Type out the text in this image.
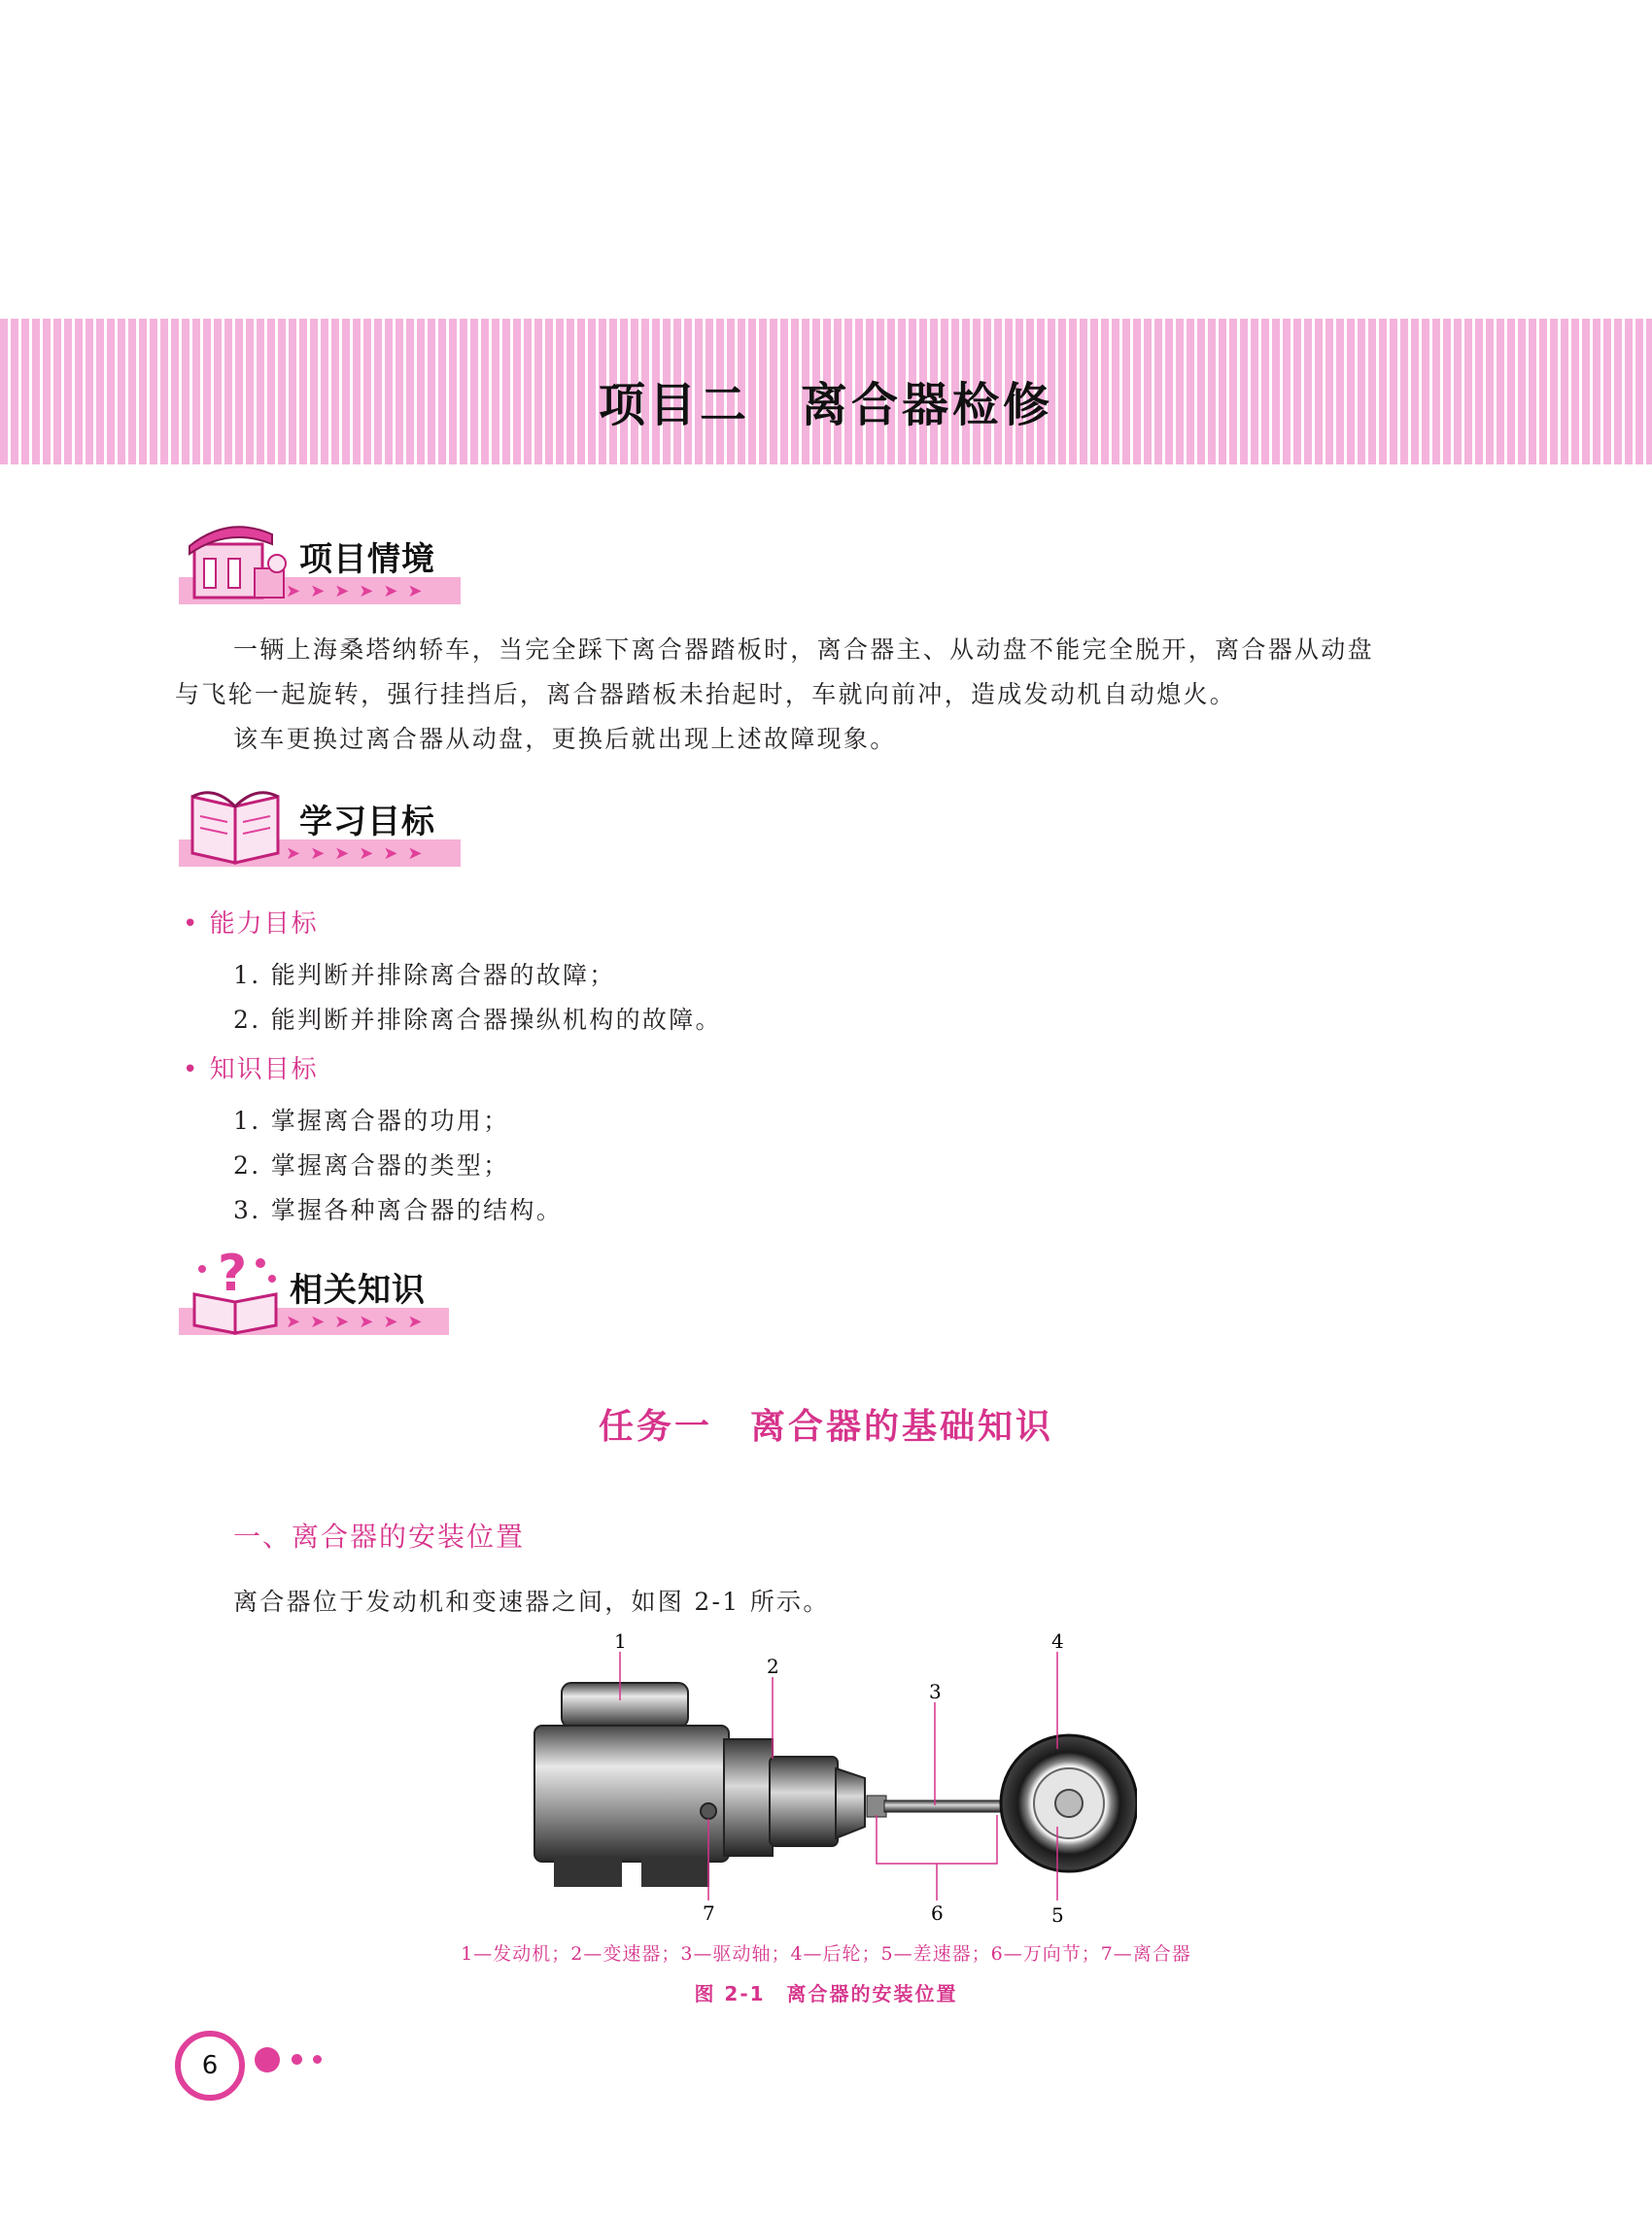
项目二　离合器检修
➤➤➤➤➤➤
项目情境
一辆上海桑塔纳轿车，当完全踩下离合器踏板时，离合器主、从动盘不能完全脱开，离合器从动盘
与飞轮一起旋转，强行挂挡后，离合器踏板未抬起时，车就向前冲，造成发动机自动熄火。
该车更换过离合器从动盘，更换后就出现上述故障现象。
➤➤➤➤➤➤
学习目标
• 能力目标
1. 能判断并排除离合器的故障；
2. 能判断并排除离合器操纵机构的故障。
• 知识目标
1. 掌握离合器的功用；
2. 掌握离合器的类型；
3. 掌握各种离合器的结构。
➤➤➤➤➤➤
? 相关知识
任务一　离合器的基础知识
一、离合器的安装位置
离合器位于发动机和变速器之间，如图 2-1 所示。
1
2
3
4
5
6
7
1—发动机；2—变速器；3—驱动轴；4—后轮；5—差速器；6—万向节；7—离合器
图 2-1　离合器的安装位置
6
